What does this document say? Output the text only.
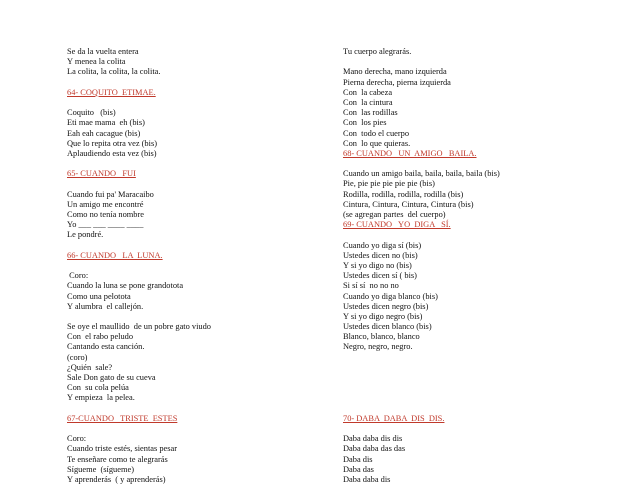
Se da la vuelta entera
Y menea la colita
La colita, la colita, la colita.
64- COQUITO  ETIMAE.
Coquito   (bis)
Eti mae mama  eh (bis)
Eah eah cacague (bis)
Que lo repita otra vez (bis)
Aplaudiendo esta vez (bis)
65- CUANDO   FUI
Cuando fui pa' Maracaibo
Un amigo me encontré
Como no tenía nombre
Yo ___ ___ ____ ____
Le pondré.
66- CUANDO   LA  LUNA.
Coro:
Cuando la luna se pone grandotota
Como una pelotota
Y alumbra  el callejón.
Se oye el maullido  de un pobre gato viudo
Con  el rabo peludo
Cantando esta canción.
(coro)
¿Quién  sale?
Sale Don gato de su cueva
Con  su cola pelúa
Y empieza  la pelea.
67-CUANDO   TRISTE  ESTES
Coro:
Cuando triste estés, sientas pesar
Te enseñare como te alegrarás
Sígueme  (sígueme)
Y aprenderás  ( y aprenderás)
Tu cuerpo alegrarás.
Mano derecha, mano izquierda
Pierna derecha, pierna izquierda
Con  la cabeza
Con  la cintura
Con  las rodillas
Con  los pies
Con  todo el cuerpo
Con  lo que quieras.
68- CUANDO   UN  AMIGO   BAILA.
Cuando un amigo baila, baila, baila, baila (bis)
Pie, pie pie pie pie pie (bis)
Rodilla, rodilla, rodilla, rodilla (bis)
Cintura, Cintura, Cintura, Cintura (bis)
(se agregan partes  del cuerpo)
69- CUANDO   YO  DIGA   SÍ.
Cuando yo diga sí (bis)
Ustedes dicen no (bis)
Y si yo digo no (bis)
Ustedes dicen sí ( bis)
Si sí sí  no no no
Cuando yo diga blanco (bis)
Ustedes dicen negro (bis)
Y si yo digo negro (bis)
Ustedes dicen blanco (bis)
Blanco, blanco, blanco
Negro, negro, negro.
70- DABA  DABA  DIS  DIS.
Daba daba dis dis
Daba daba das das
Daba dis
Daba das
Daba daba dis
